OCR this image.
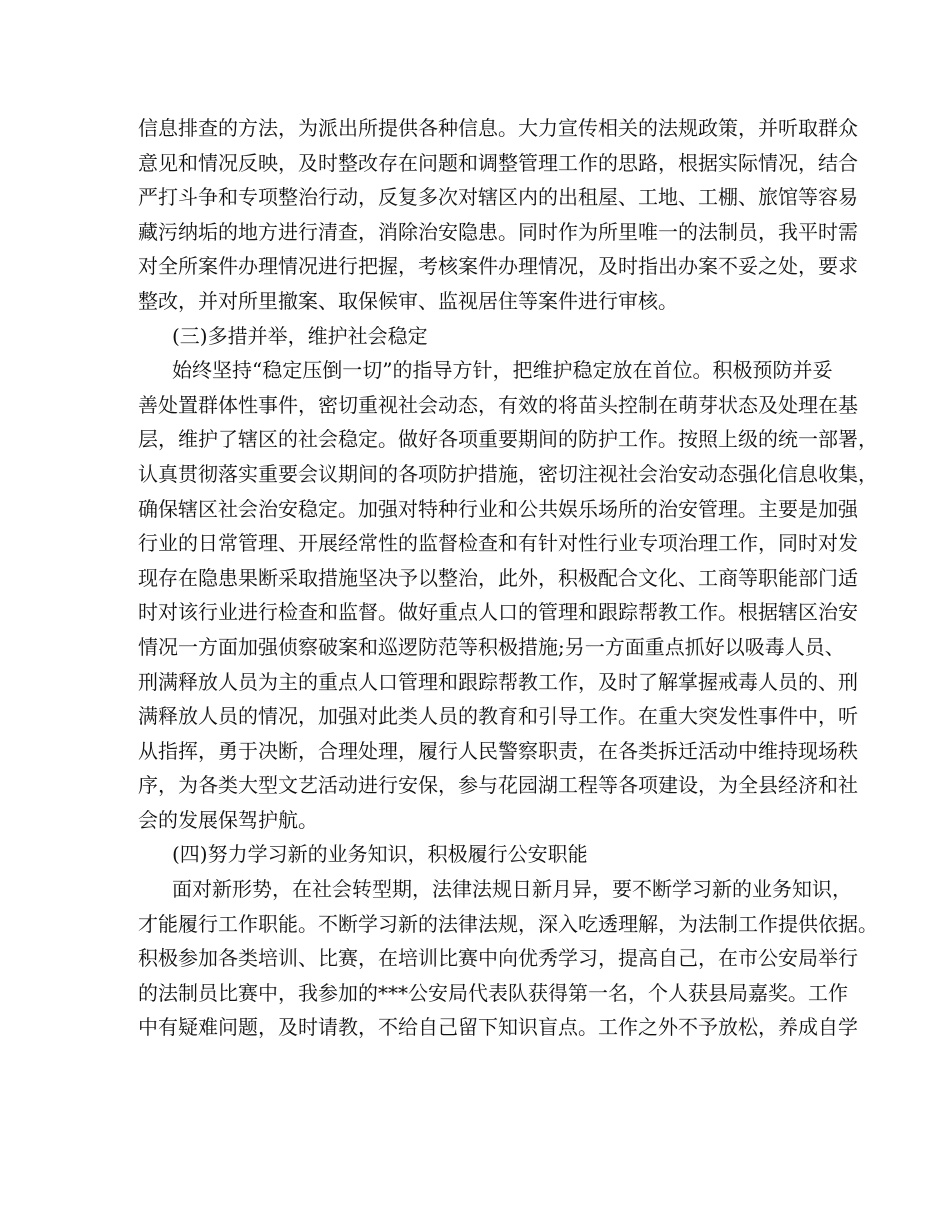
信息排查的方法，为派出所提供各种信息。大力宣传相关的法规政策，并听取群众
意见和情况反映，及时整改存在问题和调整管理工作的思路，根据实际情况，结合
严打斗争和专项整治行动，反复多次对辖区内的出租屋、工地、工棚、旅馆等容易
藏污纳垢的地方进行清查，消除治安隐患。同时作为所里唯一的法制员，我平时需
对全所案件办理情况进行把握，考核案件办理情况，及时指出办案不妥之处，要求
整改，并对所里撤案、取保候审、监视居住等案件进行审核。
(三)多措并举，维护社会稳定
始终坚持“稳定压倒一切”的指导方针，把维护稳定放在首位。积极预防并妥
善处置群体性事件，密切重视社会动态，有效的将苗头控制在萌芽状态及处理在基
层，维护了辖区的社会稳定。做好各项重要期间的防护工作。按照上级的统一部署，
认真贯彻落实重要会议期间的各项防护措施，密切注视社会治安动态强化信息收集，
确保辖区社会治安稳定。加强对特种行业和公共娱乐场所的治安管理。主要是加强
行业的日常管理、开展经常性的监督检查和有针对性行业专项治理工作，同时对发
现存在隐患果断采取措施坚决予以整治，此外，积极配合文化、工商等职能部门适
时对该行业进行检查和监督。做好重点人口的管理和跟踪帮教工作。根据辖区治安
情况一方面加强侦察破案和巡逻防范等积极措施;另一方面重点抓好以吸毒人员、
刑满释放人员为主的重点人口管理和跟踪帮教工作，及时了解掌握戒毒人员的、刑
满释放人员的情况，加强对此类人员的教育和引导工作。在重大突发性事件中，听
从指挥，勇于决断，合理处理，履行人民警察职责，在各类拆迁活动中维持现场秩
序，为各类大型文艺活动进行安保，参与花园湖工程等各项建设，为全县经济和社
会的发展保驾护航。
(四)努力学习新的业务知识，积极履行公安职能
面对新形势，在社会转型期，法律法规日新月异，要不断学习新的业务知识，
才能履行工作职能。不断学习新的法律法规，深入吃透理解，为法制工作提供依据。
积极参加各类培训、比赛，在培训比赛中向优秀学习，提高自己，在市公安局举行
的法制员比赛中，我参加的***公安局代表队获得第一名，个人获县局嘉奖。工作
中有疑难问题，及时请教，不给自己留下知识盲点。工作之外不予放松，养成自学
